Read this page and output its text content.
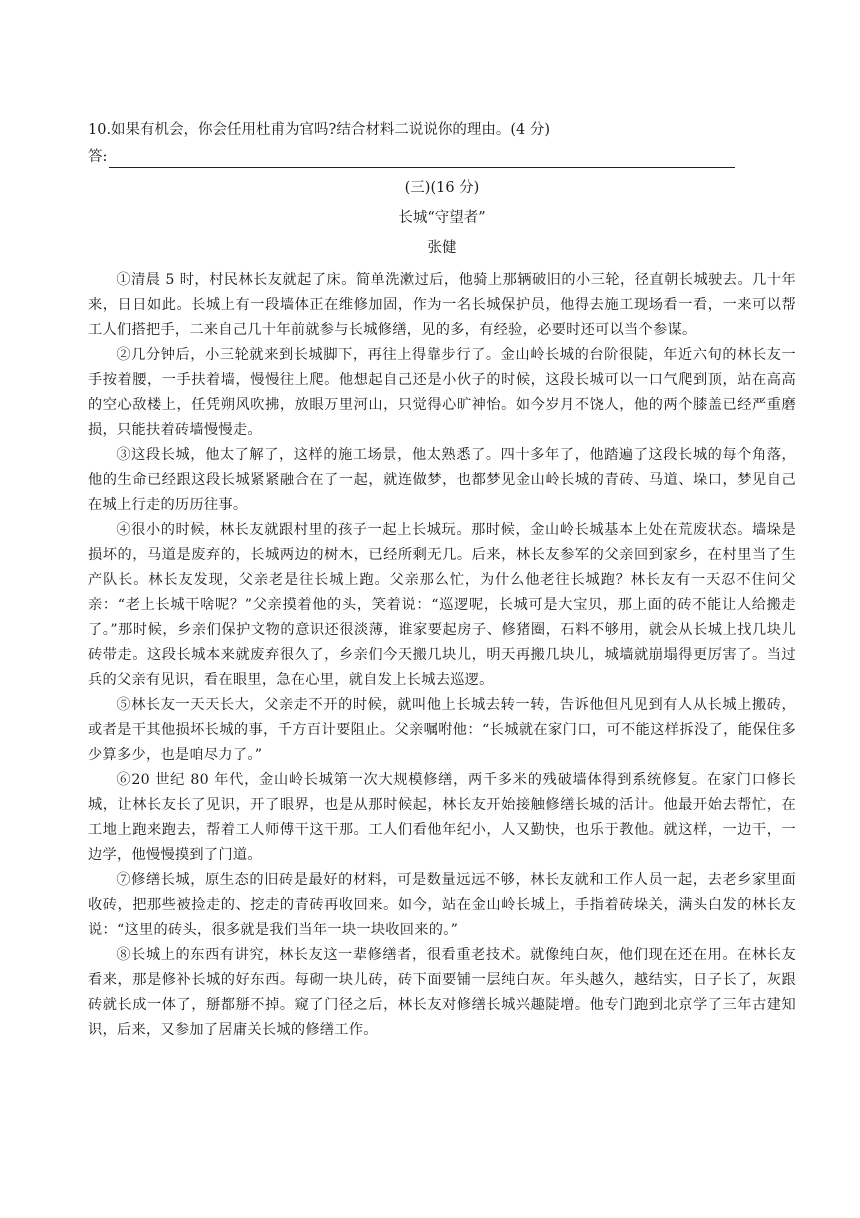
10.如果有机会，你会任用杜甫为官吗?结合材料二说说你的理由。(4 分)

答:

(三)(16 分)

长城“守望者”

张健

①清晨 5 时，村民林长友就起了床。简单洗漱过后，他骑上那辆破旧的小三轮，径直朝长城驶去。几十年来，日日如此。长城上有一段墙体正在维修加固，作为一名长城保护员，他得去施工现场看一看，一来可以帮工人们搭把手，二来自己几十年前就参与长城修缮，见的多，有经验，必要时还可以当个参谋。

②几分钟后，小三轮就来到长城脚下，再往上得靠步行了。金山岭长城的台阶很陡，年近六旬的林长友一手按着腰，一手扶着墙，慢慢往上爬。他想起自己还是小伙子的时候，这段长城可以一口气爬到顶，站在高高的空心敌楼上，任凭朔风吹拂，放眼万里河山，只觉得心旷神怡。如今岁月不饶人，他的两个膝盖已经严重磨损，只能扶着砖墙慢慢走。

③这段长城，他太了解了，这样的施工场景，他太熟悉了。四十多年了，他踏遍了这段长城的每个角落，他的生命已经跟这段长城紧紧融合在了一起，就连做梦，也都梦见金山岭长城的青砖、马道、垛口，梦见自己在城上行走的历历往事。

④很小的时候，林长友就跟村里的孩子一起上长城玩。那时候，金山岭长城基本上处在荒废状态。墙垛是损坏的，马道是废弃的，长城两边的树木，已经所剩无几。后来，林长友参军的父亲回到家乡，在村里当了生产队长。林长友发现，父亲老是往长城上跑。父亲那么忙，为什么他老往长城跑？林长友有一天忍不住问父亲：“老上长城干啥呢？”父亲摸着他的头，笑着说：“巡逻呢，长城可是大宝贝，那上面的砖不能让人给搬走了。”那时候，乡亲们保护文物的意识还很淡薄，谁家要起房子、修猪圈，石料不够用，就会从长城上找几块儿砖带走。这段长城本来就废弃很久了，乡亲们今天搬几块儿，明天再搬几块儿，城墙就崩塌得更厉害了。当过兵的父亲有见识，看在眼里，急在心里，就自发上长城去巡逻。

⑤林长友一天天长大，父亲走不开的时候，就叫他上长城去转一转，告诉他但凡见到有人从长城上搬砖，或者是干其他损坏长城的事，千方百计要阻止。父亲嘱咐他：“长城就在家门口，可不能这样拆没了，能保住多少算多少，也是咱尽力了。”

⑥20 世纪 80 年代，金山岭长城第一次大规模修缮，两千多米的残破墙体得到系统修复。在家门口修长城，让林长友长了见识，开了眼界，也是从那时候起，林长友开始接触修缮长城的活计。他最开始去帮忙，在工地上跑来跑去，帮着工人师傅干这干那。工人们看他年纪小，人又勤快，也乐于教他。就这样，一边干，一边学，他慢慢摸到了门道。

⑦修缮长城，原生态的旧砖是最好的材料，可是数量远远不够，林长友就和工作人员一起，去老乡家里面收砖，把那些被捡走的、挖走的青砖再收回来。如今，站在金山岭长城上，手指着砖垛关，满头白发的林长友说：“这里的砖头，很多就是我们当年一块一块收回来的。”

⑧长城上的东西有讲究，林长友这一辈修缮者，很看重老技术。就像纯白灰，他们现在还在用。在林长友看来，那是修补长城的好东西。每砌一块儿砖，砖下面要铺一层纯白灰。年头越久，越结实，日子长了，灰跟砖就长成一体了，掰都掰不掉。窥了门径之后，林长友对修缮长城兴趣陡增。他专门跑到北京学了三年古建知识，后来，又参加了居庸关长城的修缮工作。
